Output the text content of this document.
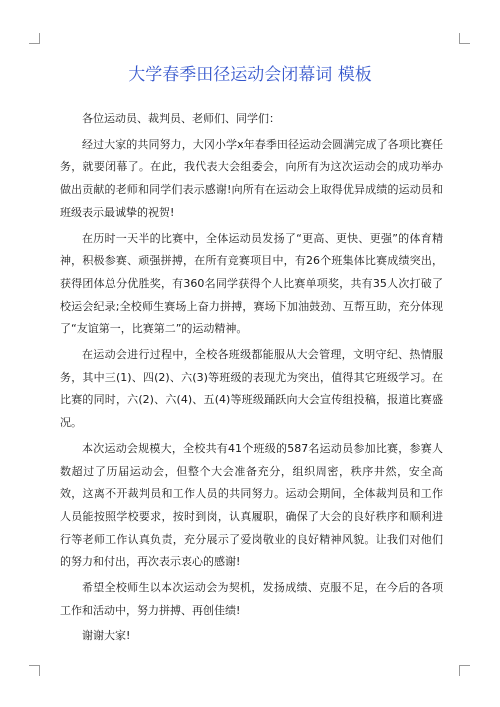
大学春季田径运动会闭幕词 模板

各位运动员、裁判员、老师们、同学们：

经过大家的共同努力，大冈小学x年春季田径运动会圆满完成了各项比赛任务，就要闭幕了。在此，我代表大会组委会，向所有为这次运动会的成功举办做出贡献的老师和同学们表示感谢!向所有在运动会上取得优异成绩的运动员和班级表示最诚挚的祝贺!

在历时一天半的比赛中，全体运动员发扬了“更高、更快、更强”的体育精神，积极参赛、顽强拼搏，在所有竞赛项目中，有26个班集体比赛成绩突出，获得团体总分优胜奖，有360名同学获得个人比赛单项奖，共有35人次打破了校运会纪录;全校师生赛场上奋力拼搏，赛场下加油鼓劲、互帮互助，充分体现了“友谊第一，比赛第二”的运动精神。

在运动会进行过程中，全校各班级都能服从大会管理，文明守纪、热情服务，其中三(1)、四(2)、六(3)等班级的表现尤为突出，值得其它班级学习。在比赛的同时，六(2)、六(4)、五(4)等班级踊跃向大会宣传组投稿，报道比赛盛况。

本次运动会规模大，全校共有41个班级的587名运动员参加比赛，参赛人数超过了历届运动会，但整个大会准备充分，组织周密，秩序井然，安全高效，这离不开裁判员和工作人员的共同努力。运动会期间，全体裁判员和工作人员能按照学校要求，按时到岗，认真履职，确保了大会的良好秩序和顺利进行等老师工作认真负责，充分展示了爱岗敬业的良好精神风貌。让我们对他们的努力和付出，再次表示衷心的感谢!

希望全校师生以本次运动会为契机，发扬成绩、克服不足，在今后的各项工作和活动中，努力拼搏、再创佳绩!

谢谢大家!
